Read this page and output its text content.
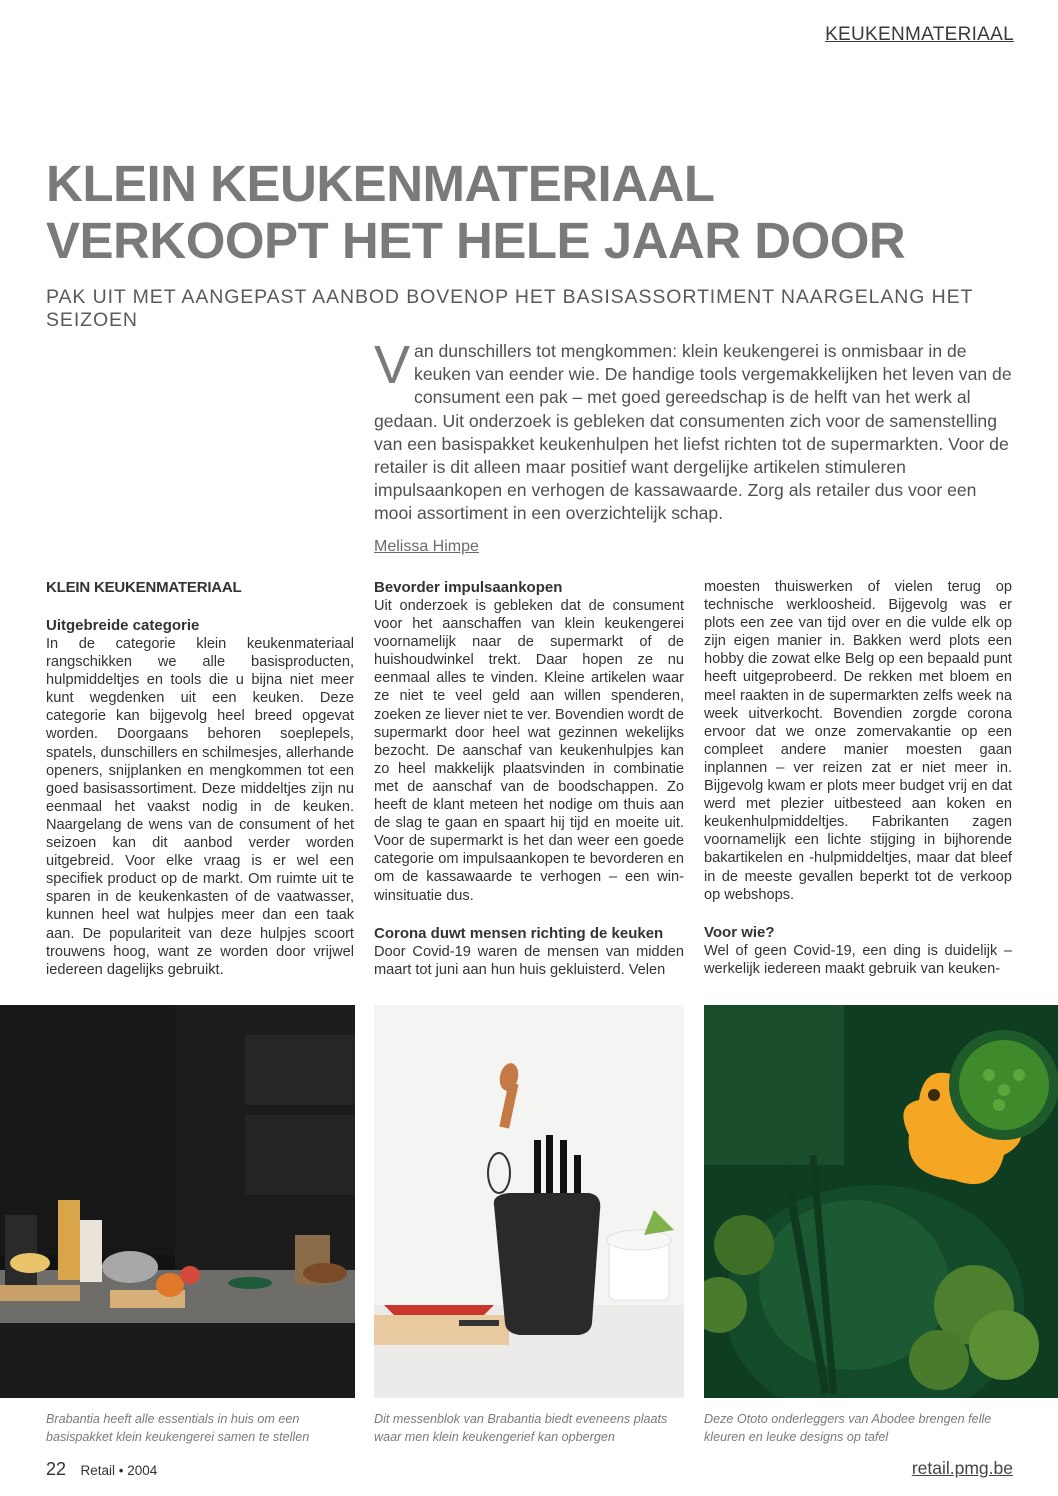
KEUKENMATERIAAL
KLEIN KEUKENMATERIAAL
VERKOOPT HET HELE JAAR DOOR

PAK UIT MET AANGEPAST AANBOD BOVENOP HET BASISASSORTIMENT NAARGELANG HET SEIZOEN

Van dunschillers tot mengkommen: klein keukengerei is onmisbaar in de keuken van eender wie. De handige tools vergemakkelijken het leven van de consument een pak – met goed gereedschap is de helft van het werk al gedaan. Uit onderzoek is gebleken dat consumenten zich voor de samenstelling van een basispakket keukenhulpen het liefst richten tot de supermarkten. Voor de retailer is dit alleen maar positief want dergelijke artikelen stimuleren impulsaankopen en verhogen de kassawaarde. Zorg als retailer dus voor een mooi assortiment in een overzichtelijk schap.

Melissa Himpe
KLEIN KEUKENMATERIAAL
Uitgebreide categorie

In de categorie klein keukenmateriaal rangschikken we alle basisproducten, hulpmiddeltjes en tools die u bijna niet meer kunt wegdenken uit een keuken. Deze categorie kan bijgevolg heel breed opgevat worden. Doorgaans behoren soeplepels, spatels, dunschillers en schilmesjes, allerhande openers, snijplanken en mengkommen tot een goed basisassortiment. Deze middeltjes zijn nu eenmaal het vaakst nodig in de keuken. Naargelang de wens van de consument of het seizoen kan dit aanbod verder worden uitgebreid. Voor elke vraag is er wel een specifiek product op de markt. Om ruimte uit te sparen in de keukenkasten of de vaatwasser, kunnen heel wat hulpjes meer dan een taak aan. De populariteit van deze hulpjes scoort trouwens hoog, want ze worden door vrijwel iedereen dagelijks gebruikt.

Bevorder impulsaankopen

Uit onderzoek is gebleken dat de consument voor het aanschaffen van klein keukengerei voornamelijk naar de supermarkt of de huishoudwinkel trekt. Daar hopen ze nu eenmaal alles te vinden. Kleine artikelen waar ze niet te veel geld aan willen spenderen, zoeken ze liever niet te ver. Bovendien wordt de supermarkt door heel wat gezinnen wekelijks bezocht. De aanschaf van keukenhulpjes kan zo heel makkelijk plaatsvinden in combinatie met de aanschaf van de boodschappen. Zo heeft de klant meteen het nodige om thuis aan de slag te gaan en spaart hij tijd en moeite uit. Voor de supermarkt is het dan weer een goede categorie om impulsaankopen te bevorderen en om de kassawaarde te verhogen – een win-winsituatie dus.

Corona duwt mensen richting de keuken

Door Covid-19 waren de mensen van midden maart tot juni aan hun huis gekluisterd. Velen

moesten thuiswerken of vielen terug op technische werkloosheid. Bijgevolg was er plots een zee van tijd over en die vulde elk op zijn eigen manier in. Bakken werd plots een hobby die zowat elke Belg op een bepaald punt heeft uitgeprobeerd. De rekken met bloem en meel raakten in de supermarkten zelfs week na week uitverkocht. Bovendien zorgde corona ervoor dat we onze zomervakantie op een compleet andere manier moesten gaan inplannen – ver reizen zat er niet meer in. Bijgevolg kwam er plots meer budget vrij en dat werd met plezier uitbesteed aan koken en keukenhulpmiddeltjes. Fabrikanten zagen voornamelijk een lichte stijging in bijhorende bakartikelen en -hulpmiddeltjes, maar dat bleef in de meeste gevallen beperkt tot de verkoop op webshops.

Voor wie?

Wel of geen Covid-19, een ding is duidelijk – werkelijk iedereen maakt gebruik van keuken-

Brabantia heeft alle essentials in huis om een basispakket klein keukengerei samen te stellen

Dit messenblok van Brabantia biedt eveneens plaats waar men klein keukengerief kan opbergen

Deze Ototo onderleggers van Abodee brengen felle kleuren en leuke designs op tafel

22 Retail • 2004	retail.pmg.be
